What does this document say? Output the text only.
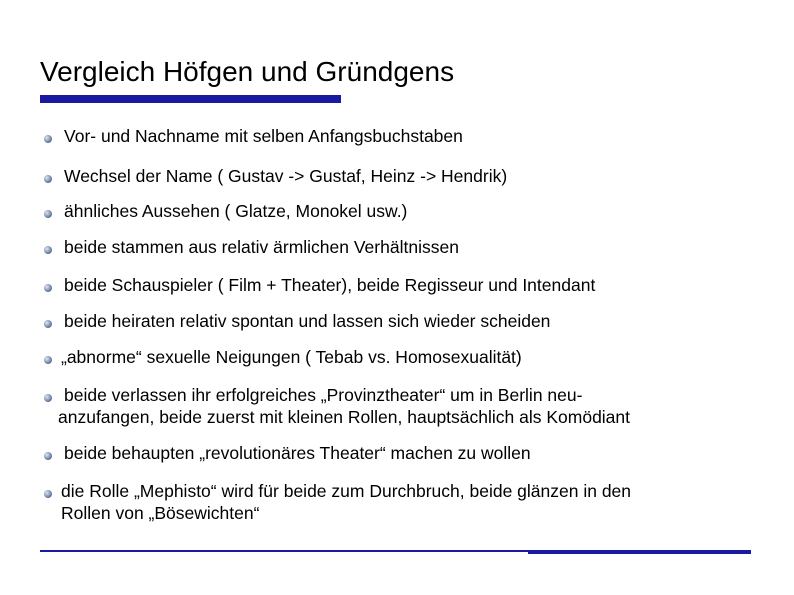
Vergleich Höfgen und Gründgens
Vor- und Nachname mit selben Anfangsbuchstaben
Wechsel der Name ( Gustav -> Gustaf, Heinz -> Hendrik)
ähnliches Aussehen ( Glatze, Monokel usw.)
beide stammen aus relativ ärmlichen Verhältnissen
beide Schauspieler ( Film + Theater), beide Regisseur und Intendant
beide heiraten relativ spontan und lassen sich wieder scheiden
„abnorme“ sexuelle Neigungen ( Tebab vs. Homosexualität)
beide verlassen ihr erfolgreiches „Provinztheater“ um in Berlin neu-
anzufangen, beide zuerst mit kleinen Rollen, hauptsächlich als Komödiant
beide behaupten „revolutionäres Theater“ machen zu wollen
die Rolle „Mephisto“ wird für beide zum Durchbruch, beide glänzen in den
Rollen von „Bösewichten“
